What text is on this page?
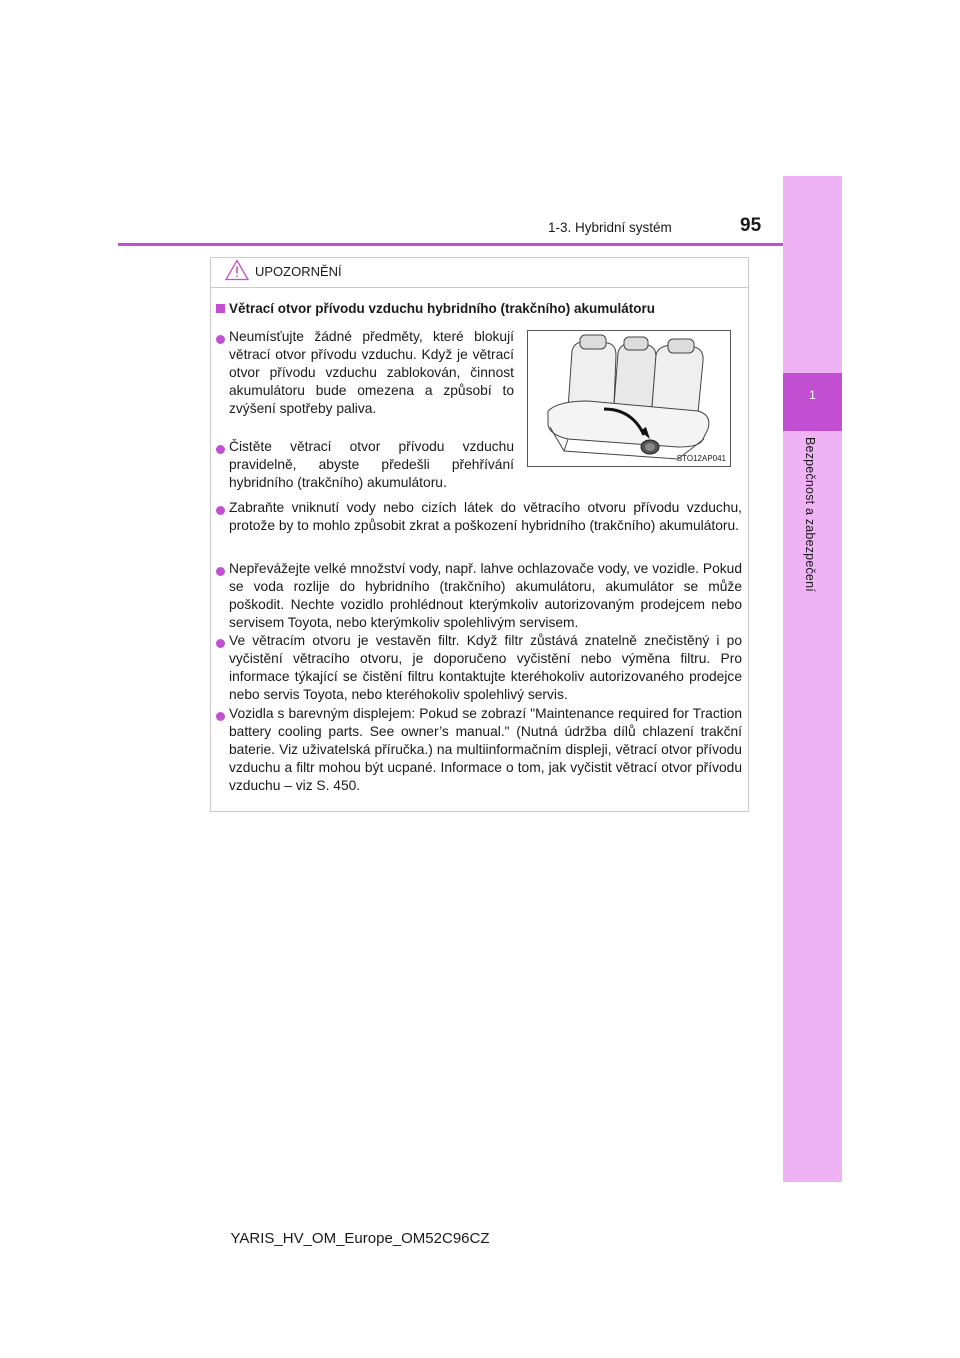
1
Bezpečnost a zabezpečení
1-3. Hybridní systém	95
UPOZORNĚNÍ
Větrací otvor přívodu vzduchu hybridního (trakčního) akumulátoru

Neumísťujte žádné předměty, které blokují větrací otvor přívodu vzduchu. Když je větrací otvor přívodu vzduchu zablokován, činnost akumulátoru bude omezena a způsobí to zvýšení spotřeby paliva.

Čistěte větrací otvor přívodu vzduchu pravidelně, abyste předešli přehřívání hybridního (trakčního) akumulátoru.

STO12AP041

Zabraňte vniknutí vody nebo cizích látek do větracího otvoru přívodu vzduchu, protože by to mohlo způsobit zkrat a poškození hybridního (trakčního) akumulátoru.

Nepřevážejte velké množství vody, např. lahve ochlazovače vody, ve vozidle. Pokud se voda rozlije do hybridního (trakčního) akumulátoru, akumulátor se může poškodit. Nechte vozidlo prohlédnout kterýmkoliv autorizovaným prodejcem nebo servisem Toyota, nebo kterýmkoliv spolehlivým servisem.

Ve větracím otvoru je vestavěn filtr. Když filtr zůstává znatelně znečistěný i po vyčistění větracího otvoru, je doporučeno vyčistění nebo výměna filtru. Pro informace týkající se čistění filtru kontaktujte kteréhokoliv autorizovaného prodejce nebo servis Toyota, nebo kteréhokoliv spolehlivý servis.

Vozidla s barevným displejem: Pokud se zobrazí "Maintenance required for Traction battery cooling parts. See owner’s manual." (Nutná údržba dílů chlazení trakční baterie. Viz uživatelská příručka.) na multiinformačním displeji, větrací otvor přívodu vzduchu a filtr mohou být ucpané. Informace o tom, jak vyčistit větrací otvor přívodu vzduchu – viz S. 450.

YARIS_HV_OM_Europe_OM52C96CZ
